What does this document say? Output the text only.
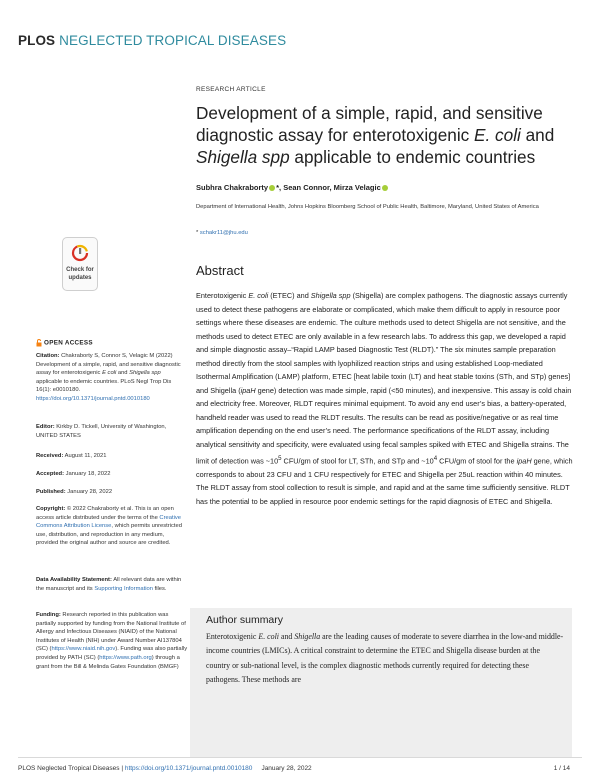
PLOS NEGLECTED TROPICAL DISEASES
RESEARCH ARTICLE
Development of a simple, rapid, and sensitive diagnostic assay for enterotoxigenic E. coli and Shigella spp applicable to endemic countries
Subhra Chakraborty *, Sean Connor, Mirza Velagic
Department of International Health, Johns Hopkins Bloomberg School of Public Health, Baltimore, Maryland, United States of America
* schakr11@jhu.edu
Check for
updates
OPEN ACCESS
Citation: Chakraborty S, Connor S, Velagic M (2022) Development of a simple, rapid, and sensitive diagnostic assay for enterotoxigenic E coli and Shigella spp applicable to endemic countries. PLoS Negl Trop Dis 16(1): e0010180. https://doi.org/10.1371/journal.pntd.0010180
Editor: Kirkby D. Tickell, University of Washington, UNITED STATES
Received: August 11, 2021
Accepted: January 18, 2022
Published: January 28, 2022
Copyright: © 2022 Chakraborty et al. This is an open access article distributed under the terms of the Creative Commons Attribution License, which permits unrestricted use, distribution, and reproduction in any medium, provided the original author and source are credited.
Data Availability Statement: All relevant data are within the manuscript and its Supporting Information files.
Funding: Research reported in this publication was partially supported by funding from the National Institute of Allergy and Infectious Diseases (NIAID) of the National Institutes of Health (NIH) under Award Number AI137804 (SC) (https://www.niaid.nih.gov). Funding was also partially provided by PATH (SC) (https://www.path.org) through a grant from the Bill & Melinda Gates Foundation (BMGF)
Abstract

Enterotoxigenic E. coli (ETEC) and Shigella spp (Shigella) are complex pathogens. The diagnostic assays currently used to detect these pathogens are elaborate or complicated, which make them difficult to apply in resource poor settings where these diseases are endemic. The culture methods used to detect Shigella are not sensitive, and the methods used to detect ETEC are only available in a few research labs. To address this gap, we developed a rapid and simple diagnostic assay–“Rapid LAMP based Diagnostic Test (RLDT).” The six minutes sample preparation method directly from the stool samples with lyophilized reaction strips and using established Loop-mediated Isothermal Amplification (LAMP) platform, ETEC [heat labile toxin (LT) and heat stable toxins (STh, and STp) genes] and Shigella (ipaH gene) detection was made simple, rapid (<50 minutes), and inexpensive. This assay is cold chain and electricity free. Moreover, RLDT requires minimal equipment. To avoid any end user’s bias, a battery-operated, handheld reader was used to read the RLDT results. The results can be read as positive/negative or as real time amplification depending on the end user’s need. The performance specifications of the RLDT assay, including analytical sensitivity and specificity, were evaluated using fecal samples spiked with ETEC and Shigella strains. The limit of detection was $\sim 10^5$ CFU/gm of stool for LT, STh, and STp and $\sim 10^4$ CFU/gm of stool for the ipaH gene, which corresponds to about 23 CFU and 1 CFU respectively for ETEC and Shigella per 25uL reaction within 40 minutes. The RLDT assay from stool collection to result is simple, and rapid and at the same time sufficiently sensitive. RLDT has the potential to be applied in resource poor endemic settings for the rapid diagnosis of ETEC and Shigella.

Author summary

Enterotoxigenic E. coli and Shigella are the leading causes of moderate to severe diarrhea in the low-and middle-income countries (LMICs). A critical constraint to determine the ETEC and Shigella disease burden at the country or sub-national level, is the complex diagnostic methods currently required for detecting these pathogens. These methods are

PLOS Neglected Tropical Diseases | https://doi.org/10.1371/journal.pntd.0010180 January 28, 2022	1 / 14
